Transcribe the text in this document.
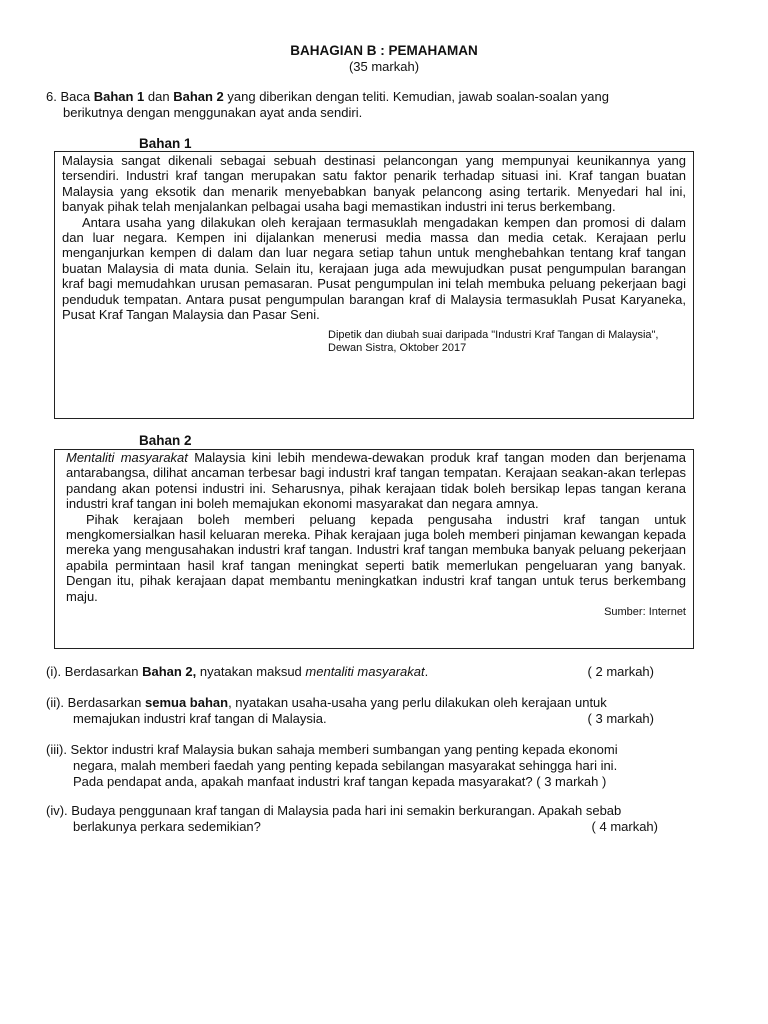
BAHAGIAN B : PEMAHAMAN
(35 markah)
6. Baca Bahan 1 dan Bahan 2 yang diberikan dengan teliti. Kemudian, jawab soalan-soalan yang
berikutnya dengan menggunakan ayat anda sendiri.
Bahan 1

Malaysia sangat dikenali sebagai sebuah destinasi pelancongan yang mempunyai keunikannya yang tersendiri. Industri kraf tangan merupakan satu faktor penarik terhadap situasi ini. Kraf tangan buatan Malaysia yang eksotik dan menarik menyebabkan banyak pelancong asing tertarik. Menyedari hal ini, banyak pihak telah menjalankan pelbagai usaha bagi memastikan industri ini terus berkembang.

Antara usaha yang dilakukan oleh kerajaan termasuklah mengadakan kempen dan promosi di dalam dan luar negara. Kempen ini dijalankan menerusi media massa dan media cetak. Kerajaan perlu menganjurkan kempen di dalam dan luar negara setiap tahun untuk menghebahkan tentang kraf tangan buatan Malaysia di mata dunia. Selain itu, kerajaan juga ada mewujudkan pusat pengumpulan barangan kraf bagi memudahkan urusan pemasaran. Pusat pengumpulan ini telah membuka peluang pekerjaan bagi penduduk tempatan. Antara pusat pengumpulan barangan kraf di Malaysia termasuklah Pusat Karyaneka, Pusat Kraf Tangan Malaysia dan Pasar Seni.

Dipetik dan diubah suai daripada "Industri Kraf Tangan di Malaysia",
Dewan Sistra, Oktober 2017
Bahan 2

Mentaliti masyarakat Malaysia kini lebih mendewa-dewakan produk kraf tangan moden dan berjenama antarabangsa, dilihat ancaman terbesar bagi industri kraf tangan tempatan. Kerajaan seakan-akan terlepas pandang akan potensi industri ini. Seharusnya, pihak kerajaan tidak boleh bersikap lepas tangan kerana industri kraf tangan ini boleh memajukan ekonomi masyarakat dan negara amnya.

Pihak kerajaan boleh memberi peluang kepada pengusaha industri kraf tangan untuk mengkomersialkan hasil keluaran mereka. Pihak kerajaan juga boleh memberi pinjaman kewangan kepada mereka yang mengusahakan industri kraf tangan. Industri kraf tangan membuka banyak peluang pekerjaan apabila permintaan hasil kraf tangan meningkat seperti batik memerlukan pengeluaran yang banyak. Dengan itu, pihak kerajaan dapat membantu meningkatkan industri kraf tangan untuk terus berkembang maju.

Sumber: Internet
(i). Berdasarkan Bahan 2, nyatakan maksud mentaliti masyarakat.	( 2 markah)
(ii). Berdasarkan semua bahan, nyatakan usaha-usaha yang perlu dilakukan oleh kerajaan untuk
memajukan industri kraf tangan di Malaysia.	( 3 markah)
(iii). Sektor industri kraf Malaysia bukan sahaja memberi sumbangan yang penting kepada ekonomi
negara, malah memberi faedah yang penting kepada sebilangan masyarakat sehingga hari ini.
Pada pendapat anda, apakah manfaat industri kraf tangan kepada masyarakat? ( 3 markah )
(iv). Budaya penggunaan kraf tangan di Malaysia pada hari ini semakin berkurangan. Apakah sebab
berlakunya perkara sedemikian?	( 4 markah)
